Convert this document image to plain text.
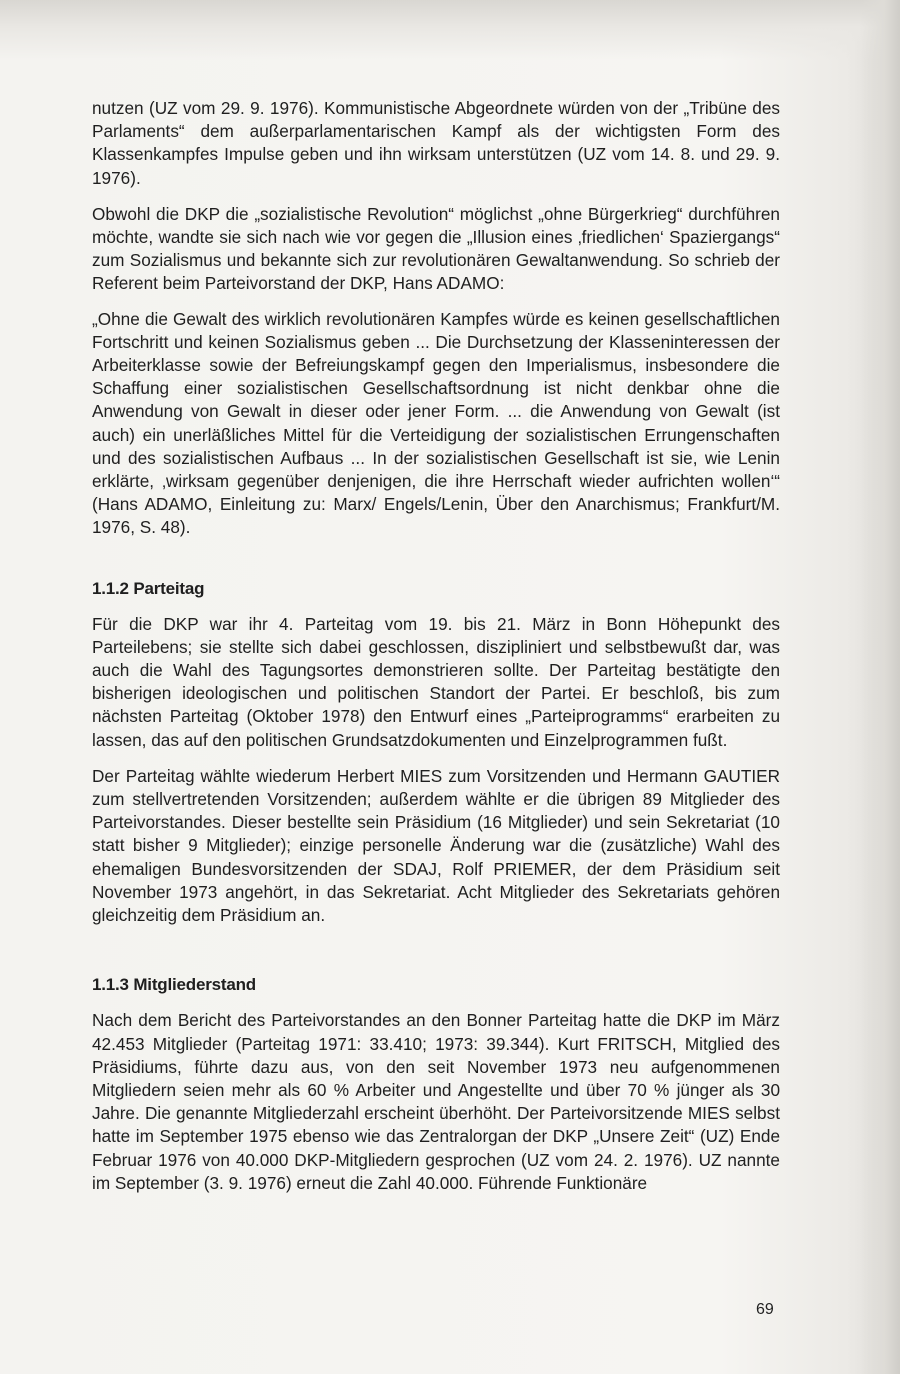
nutzen (UZ vom 29. 9. 1976). Kommunistische Abgeordnete würden von der „Tribüne des Parlaments“ dem außerparlamentarischen Kampf als der wichtigsten Form des Klassenkampfes Impulse geben und ihn wirksam unterstützen (UZ vom 14. 8. und 29. 9. 1976).

Obwohl die DKP die „sozialistische Revolution“ möglichst „ohne Bürgerkrieg“ durchführen möchte, wandte sie sich nach wie vor gegen die „Illusion eines ‚friedlichen‘ Spaziergangs“ zum Sozialismus und bekannte sich zur revolutionären Gewaltanwendung. So schrieb der Referent beim Parteivorstand der DKP, Hans ADAMO:

„Ohne die Gewalt des wirklich revolutionären Kampfes würde es keinen gesellschaftlichen Fortschritt und keinen Sozialismus geben ... Die Durchsetzung der Klasseninteressen der Arbeiterklasse sowie der Befreiungskampf gegen den Imperialismus, insbesondere die Schaffung einer sozialistischen Gesellschaftsordnung ist nicht denkbar ohne die Anwendung von Gewalt in dieser oder jener Form. ... die Anwendung von Gewalt (ist auch) ein unerläßliches Mittel für die Verteidigung der sozialistischen Errungenschaften und des sozialistischen Aufbaus ... In der sozialistischen Gesellschaft ist sie, wie Lenin erklärte, ‚wirksam gegenüber denjenigen, die ihre Herrschaft wieder aufrichten wollen‘“ (Hans ADAMO, Einleitung zu: Marx/ Engels/Lenin, Über den Anarchismus; Frankfurt/M. 1976, S. 48).

1.1.2 Parteitag

Für die DKP war ihr 4. Parteitag vom 19. bis 21. März in Bonn Höhepunkt des Parteilebens; sie stellte sich dabei geschlossen, diszipliniert und selbstbewußt dar, was auch die Wahl des Tagungsortes demonstrieren sollte. Der Parteitag bestätigte den bisherigen ideologischen und politischen Standort der Partei. Er beschloß, bis zum nächsten Parteitag (Oktober 1978) den Entwurf eines „Parteiprogramms“ erarbeiten zu lassen, das auf den politischen Grundsatzdokumenten und Einzelprogrammen fußt.

Der Parteitag wählte wiederum Herbert MIES zum Vorsitzenden und Hermann GAUTIER zum stellvertretenden Vorsitzenden; außerdem wählte er die übrigen 89 Mitglieder des Parteivorstandes. Dieser bestellte sein Präsidium (16 Mitglieder) und sein Sekretariat (10 statt bisher 9 Mitglieder); einzige personelle Änderung war die (zusätzliche) Wahl des ehemaligen Bundesvorsitzenden der SDAJ, Rolf PRIEMER, der dem Präsidium seit November 1973 angehört, in das Sekretariat. Acht Mitglieder des Sekretariats gehören gleichzeitig dem Präsidium an.

1.1.3 Mitgliederstand

Nach dem Bericht des Parteivorstandes an den Bonner Parteitag hatte die DKP im März 42.453 Mitglieder (Parteitag 1971: 33.410; 1973: 39.344). Kurt FRITSCH, Mitglied des Präsidiums, führte dazu aus, von den seit November 1973 neu aufgenommenen Mitgliedern seien mehr als 60 % Arbeiter und Angestellte und über 70 % jünger als 30 Jahre. Die genannte Mitgliederzahl erscheint überhöht. Der Parteivorsitzende MIES selbst hatte im September 1975 ebenso wie das Zentralorgan der DKP „Unsere Zeit“ (UZ) Ende Februar 1976 von 40.000 DKP-Mitgliedern gesprochen (UZ vom 24. 2. 1976). UZ nannte im September (3. 9. 1976) erneut die Zahl 40.000. Führende Funktionäre

69
